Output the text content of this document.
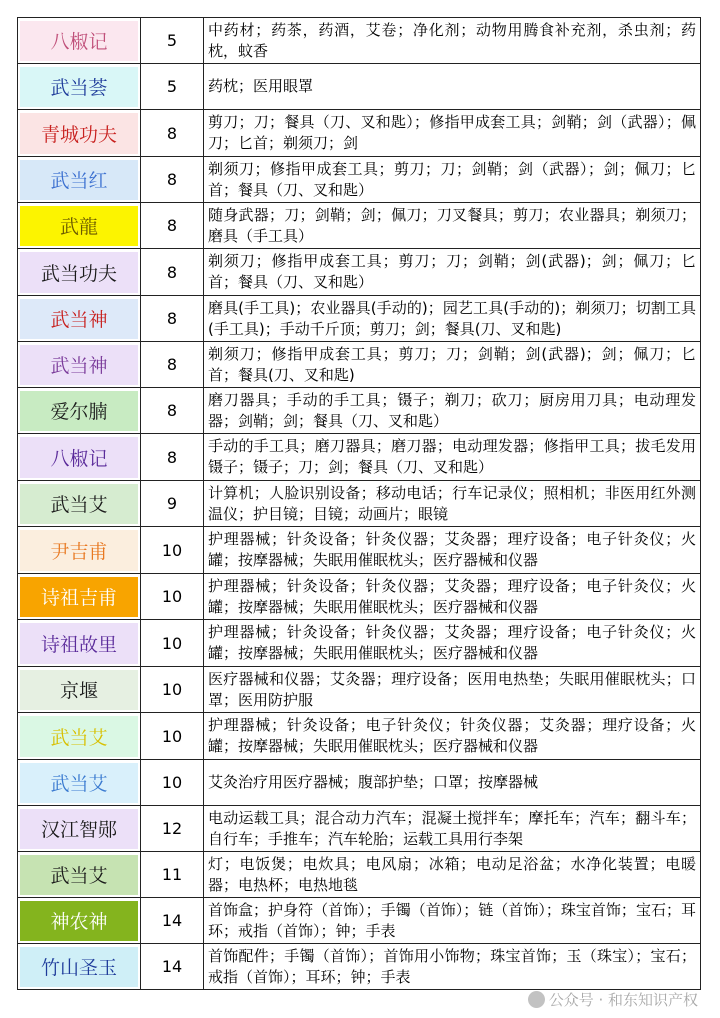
八椒记	5	中药材；药茶，药酒，艾卷；净化剂；动物用腾食补充剂，杀虫剂；药枕，蚊香

武当荟	5	药枕；医用眼罩

青城功夫	8	剪刀；刀；餐具（刀、叉和匙）；修指甲成套工具；剑鞘；剑（武器）；佩刀；匕首；剃须刀；剑

武当红	8	剃须刀；修指甲成套工具；剪刀；刀；剑鞘；剑（武器）；剑；佩刀；匕首；餐具（刀、叉和匙）

武龍	8	随身武器；刀；剑鞘；剑；佩刀；刀叉餐具；剪刀；农业器具；剃须刀；磨具（手工具）

武当功夫	8	剃须刀；修指甲成套工具；剪刀；刀；剑鞘；剑(武器)；剑；佩刀；匕首；餐具（刀、叉和匙）

武当神	8	磨具(手工具)；农业器具(手动的)；园艺工具(手动的)；剃须刀；切割工具(手工具)；手动千斤顶；剪刀；剑；餐具(刀、叉和匙)

武当神	8	剃须刀；修指甲成套工具；剪刀；刀；剑鞘；剑(武器)；剑；佩刀；匕首；餐具(刀、叉和匙)

爱尔腩	8	磨刀器具；手动的手工具；镊子；剃刀；砍刀；厨房用刀具；电动理发器；剑鞘；剑；餐具（刀、叉和匙）

八椒记	8	手动的手工具；磨刀器具；磨刀器；电动理发器；修指甲工具；拔毛发用镊子；镊子；刀；剑；餐具（刀、叉和匙）

武当艾	9	计算机；人脸识别设备；移动电话；行车记录仪；照相机；非医用红外测温仪；护目镜；目镜；动画片；眼镜

尹吉甫	10	护理器械；针灸设备；针灸仪器；艾灸器；理疗设备；电子针灸仪；火罐；按摩器械；失眠用催眠枕头；医疗器械和仪器

诗祖吉甫	10	护理器械；针灸设备；针灸仪器；艾灸器；理疗设备；电子针灸仪；火罐；按摩器械；失眠用催眠枕头；医疗器械和仪器

诗祖故里	10	护理器械；针灸设备；针灸仪器；艾灸器；理疗设备；电子针灸仪；火罐；按摩器械；失眠用催眠枕头；医疗器械和仪器

京堰	10	医疗器械和仪器；艾灸器；理疗设备；医用电热垫；失眠用催眠枕头；口罩；医用防护服

武当艾	10	护理器械；针灸设备；电子针灸仪；针灸仪器；艾灸器；理疗设备；火罐；按摩器械；失眠用催眠枕头；医疗器械和仪器

武当艾	10	艾灸治疗用医疗器械；腹部护垫；口罩；按摩器械

汉江智郧	12	电动运载工具；混合动力汽车；混凝土搅拌车；摩托车；汽车；翻斗车；自行车；手推车；汽车轮胎；运载工具用行李架

武当艾	11	灯；电饭煲；电炊具；电风扇；冰箱；电动足浴盆；水净化装置；电暖器；电热杯；电热地毯

神农神	14	首饰盒；护身符（首饰）；手镯（首饰）；链（首饰）；珠宝首饰；宝石；耳环；戒指（首饰）；钟；手表

竹山圣玉	14	首饰配件；手镯（首饰）；首饰用小饰物；珠宝首饰；玉（珠宝）；宝石；戒指（首饰）；耳环；钟；手表
公众号 · 和东知识产权
